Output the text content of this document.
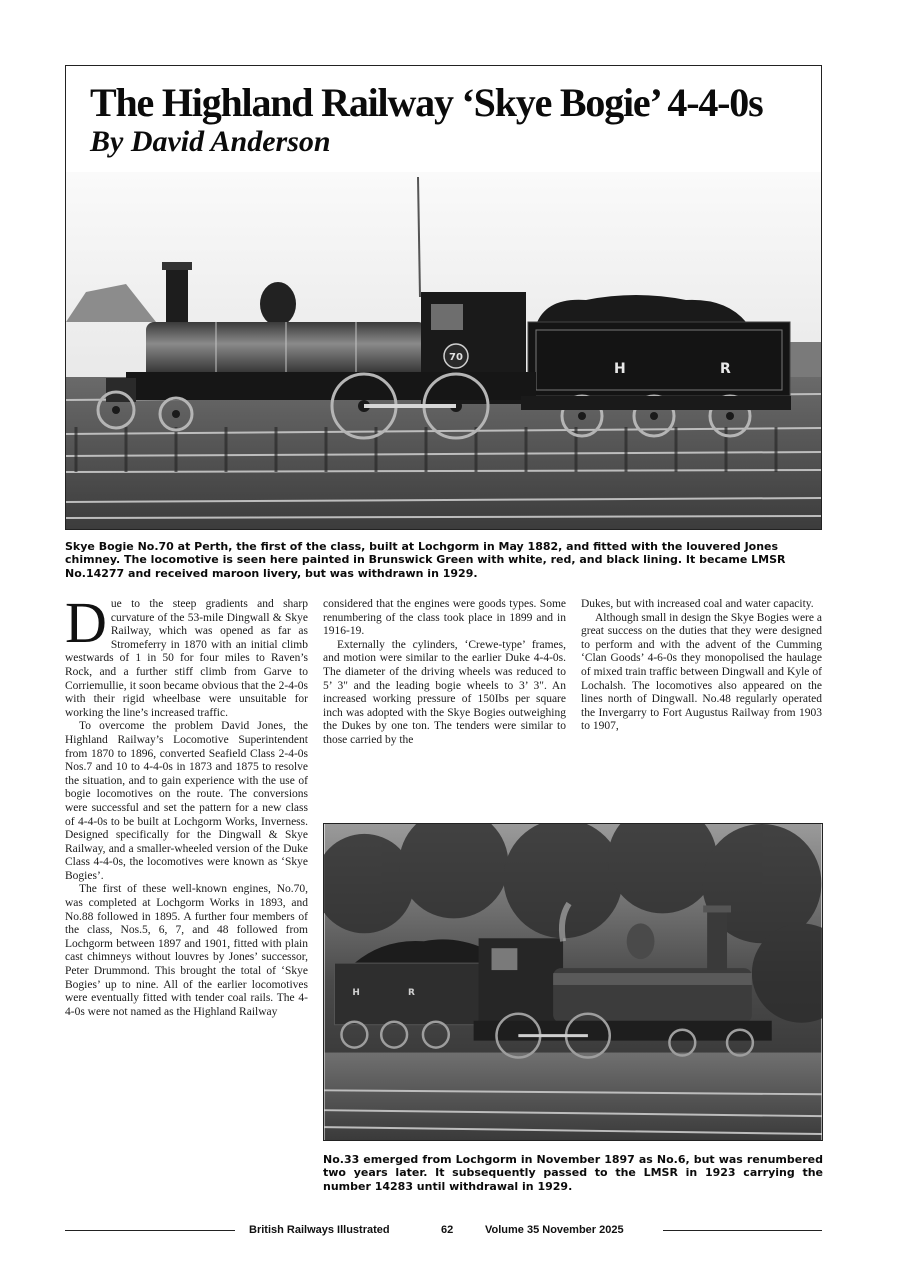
The Highland Railway ‘Skye Bogie’ 4-4-0s
By David Anderson
H	R
70

Skye Bogie No.70 at Perth, the first of the class, built at Lochgorm in May 1882, and fitted with the louvered Jones chimney. The locomotive is seen here painted in Brunswick Green with white, red, and black lining. It became LMSR No.14277 and received maroon livery, but was withdrawn in 1929.

Due to the steep gradients and sharp curvature of the 53-mile Dingwall & Skye Railway, which was opened as far as Stromeferry in 1870 with an initial climb westwards of 1 in 50 for four miles to Raven’s Rock, and a further stiff climb from Garve to Corriemullie, it soon became obvious that the 2-4-0s with their rigid wheelbase were unsuitable for working the line’s increased traffic.

To overcome the problem David Jones, the Highland Railway’s Locomotive Superintendent from 1870 to 1896, converted Seafield Class 2-4-0s Nos.7 and 10 to 4-4-0s in 1873 and 1875 to resolve the situation, and to gain experience with the use of bogie locomotives on the route. The conversions were successful and set the pattern for a new class of 4-4-0s to be built at Lochgorm Works, Inverness. Designed specifically for the Dingwall & Skye Railway, and a smaller-wheeled version of the Duke Class 4-4-0s, the locomotives were known as ‘Skye Bogies’.

The first of these well-known engines, No.70, was completed at Lochgorm Works in 1893, and No.88 followed in 1895. A further four members of the class, Nos.5, 6, 7, and 48 followed from Lochgorm between 1897 and 1901, fitted with plain cast chimneys without louvres by Jones’ successor, Peter Drummond. This brought the total of ‘Skye Bogies’ up to nine. All of the earlier locomotives were eventually fitted with tender coal rails. The 4-4-0s were not named as the Highland Railway

considered that the engines were goods types. Some renumbering of the class took place in 1899 and in 1916-19.

Externally the cylinders, ‘Crewe-type’ frames, and motion were similar to the earlier Duke 4-4-0s. The diameter of the driving wheels was reduced to 5’ 3" and the leading bogie wheels to 3’ 3". An increased working pressure of 150Ibs per square inch was adopted with the Skye Bogies outweighing the Dukes by one ton. The tenders were similar to those carried by the

Dukes, but with increased coal and water capacity.

Although small in design the Skye Bogies were a great success on the duties that they were designed to perform and with the advent of the Cumming ‘Clan Goods’ 4-6-0s they monopolised the haulage of mixed train traffic between Dingwall and Kyle of Lochalsh. The locomotives also appeared on the lines north of Dingwall. No.48 regularly operated the Invergarry to Fort Augustus Railway from 1903 to 1907,

H	R

No.33 emerged from Lochgorm in November 1897 as No.6, but was renumbered two years later. It subsequently passed to the LMSR in 1923 carrying the number 14283 until withdrawal in 1929.

British Railways Illustrated	62	Volume 35 November 2025
